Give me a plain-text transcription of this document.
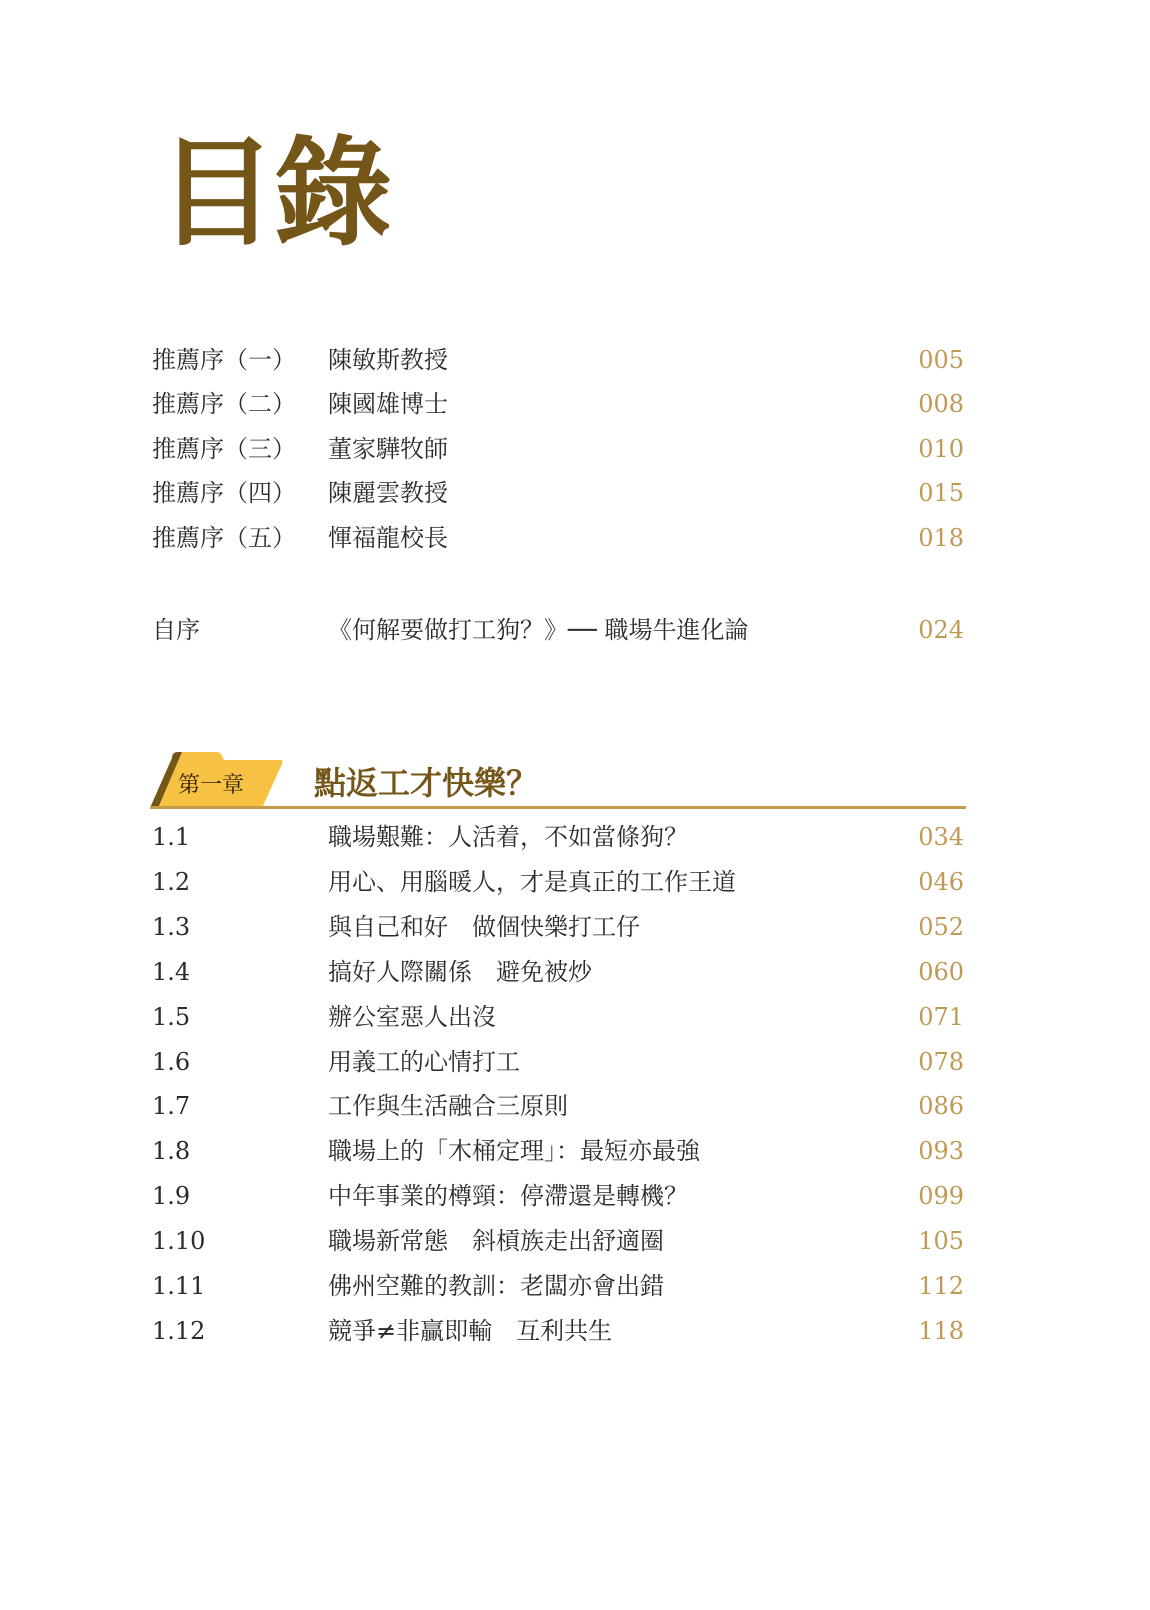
目錄
推薦序（一） 陳敏斯教授	005
推薦序（二） 陳國雄博士	008
推薦序（三） 董家驊牧師	010
推薦序（四） 陳麗雲教授	015
推薦序（五） 惲福龍校長	018
自序	《何解要做打工狗？》── 職場牛進化論	024
第一章 點返工才快樂？
1.1	職場艱難：人活着，不如當條狗？	034
1.2	用心、用腦暖人，才是真正的工作王道	046
1.3	與自己和好　做個快樂打工仔	052
1.4	搞好人際關係　避免被炒	060
1.5	辦公室惡人出沒	071
1.6	用義工的心情打工	078
1.7	工作與生活融合三原則	086
1.8	職場上的「木桶定理」：最短亦最強	093
1.9	中年事業的樽頸：停滯還是轉機？	099
1.10	職場新常態　斜槓族走出舒適圈	105
1.11	佛州空難的教訓：老闆亦會出錯	112
1.12	競爭≠非贏即輸　互利共生	118
